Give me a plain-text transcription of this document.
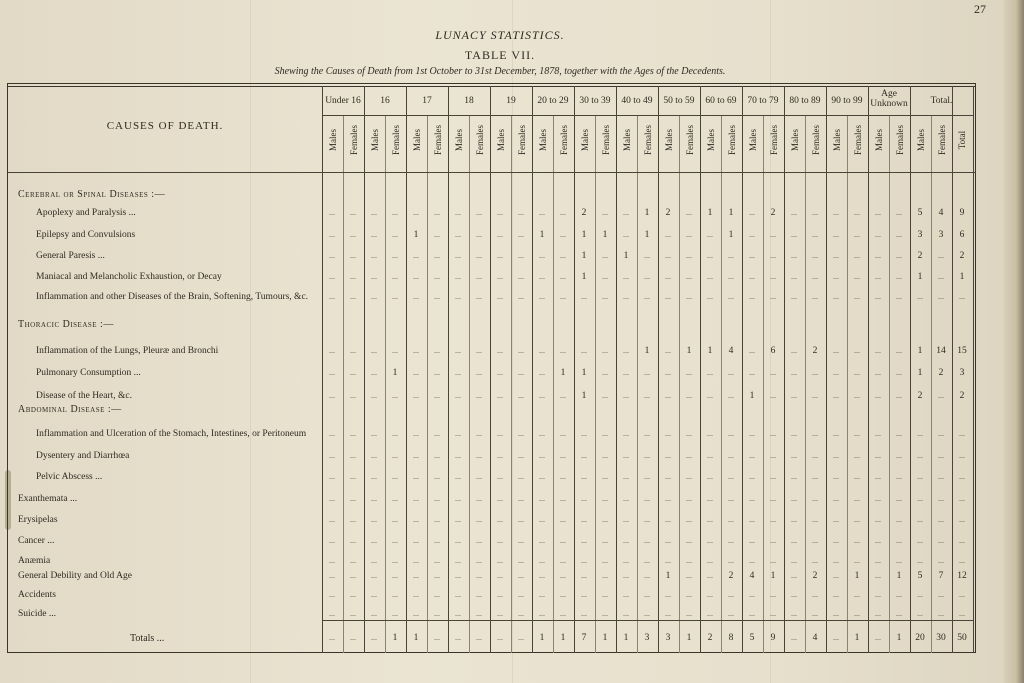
27
LUNACY STATISTICS.
TABLE VII.
Shewing the Causes of Death from 1st October to 31st December, 1878, together with the Ages of the Decedents.
CAUSES OF DEATH.
Under 16	16	17	18	19	20 to 29	30 to 39	40 to 49	50 to 59	60 to 69	70 to 79	80 to 89	90 to 99
Age Unknown	Total.
Males Females Males Females Males Females Males Females Males Females Males Females Males Females Males Females Males Females Males Females Males Females Males Females Males Females Males Females Males Females Total
Cerebral or Spinal Diseases :—
Thoracic Disease :—
Abdominal Disease :—
Apoplexy and Paralysis ...	...	...	...	...	...	...	...	...	...	...	...	...	2	...	...	1	2	...	1	1	...	2	...	...	...	...	...	...	5	4	9
Epilepsy and Convulsions	...	...	...	...	1	...	...	...	...	...	1	...	1	1	...	1	...	...	...	1	...	...	...	...	...	...	...	...	3	3	6
General Paresis ...	...	...	...	...	...	...	...	...	...	...	...	...	1	...	1	...	...	...	...	...	...	...	...	...	...	...	...	...	2	...	2
Maniacal and Melancholic Exhaustion, or Decay	...	...	...	...	...	...	...	...	...	...	...	...	1	...	...	...	...	...	...	...	...	...	...	...	...	...	...	...	1	...	1
Inflammation and other Diseases of the Brain, Softening, Tumours, &c.	...	...	...	...	...	...	...	...	...	...	...	...	...	...	...	...	...	...	...	...	...	...	...	...	...	...	...	...	...	...	...
Inflammation of the Lungs, Pleuræ and Bronchi	...	...	...	...	...	...	...	...	...	...	...	...	...	...	...	1	...	1	1	4	...	6	...	2	...	...	...	...	1	14	15
Pulmonary Consumption ...	...	...	...	1	...	...	...	...	...	...	...	1	1	...	...	...	...	...	...	...	...	...	...	...	...	...	...	...	1	2	3
Disease of the Heart, &c.	...	...	...	...	...	...	...	...	...	...	...	...	1	...	...	...	...	...	...	...	1	...	...	...	...	...	...	...	2	...	2
Inflammation and Ulceration of the Stomach, Intestines, or Peritoneum	...	...	...	...	...	...	...	...	...	...	...	...	...	...	...	...	...	...	...	...	...	...	...	...	...	...	...	...	...	...	...
Dysentery and Diarrhœa	...	...	...	...	...	...	...	...	...	...	...	...	...	...	...	...	...	...	...	...	...	...	...	...	...	...	...	...	...	...	...
Pelvic Abscess ...	...	...	...	...	...	...	...	...	...	...	...	...	...	...	...	...	...	...	...	...	...	...	...	...	...	...	...	...	...	...	...
Exanthemata ...	...	...	...	...	...	...	...	...	...	...	...	...	...	...	...	...	...	...	...	...	...	...	...	...	...	...	...	...	...	...	...
Erysipelas	...	...	...	...	...	...	...	...	...	...	...	...	...	...	...	...	...	...	...	...	...	...	...	...	...	...	...	...	...	...	...
Cancer ...	...	...	...	...	...	...	...	...	...	...	...	...	...	...	...	...	...	...	...	...	...	...	...	...	...	...	...	...	...	...	...
Anæmia	...	...	...	...	...	...	...	...	...	...	...	...	...	...	...	...	...	...	...	...	...	...	...	...	...	...	...	...	...	...	...
General Debility and Old Age	...	...	...	...	...	...	...	...	...	...	...	...	...	...	...	...	1	...	...	2	4	1	...	2	...	1	...	1	5	7	12
Accidents	...	...	...	...	...	...	...	...	...	...	...	...	...	...	...	...	...	...	...	...	...	...	...	...	...	...	...	...	...	...	...
Suicide ...	...	...	...	...	...	...	...	...	...	...	...	...	...	...	...	...	...	...	...	...	...	...	...	...	...	...	...	...	...	...	...
Totals ...	...	...	...	1	1	...	...	...	...	...	1	1	7	1	1	3	3	1	2	8	5	9	...	4	...	1	...	1	20	30	50
